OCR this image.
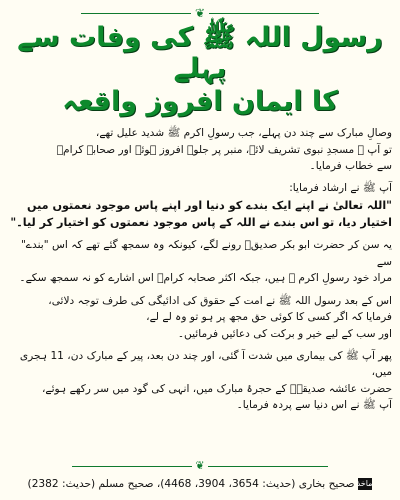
❦
رسول اللہ ﷺ کی وفات سے پہلے
کا ایمان افروز واقعہ

وصالِ مبارک سے چند دن پہلے، جب رسولِ اکرم ﷺ شدید علیل تھے،
تو آپ ﷺ مسجدِ نبوی تشریف لائے، منبر پر جلوہ افروز ہوئے اور صحابہ کرامؓ
سے خطاب فرمایا۔

آپ ﷺ نے ارشاد فرمایا:
"اللہ تعالیٰ نے اپنے ایک بندے کو دنیا اور اپنے پاس موجود نعمتوں میں
اختیار دیا، تو اس بندے نے اللہ کے پاس موجود نعمتوں کو اختیار کر لیا۔"

یہ سن کر حضرت ابو بکر صدیقؓ رونے لگے، کیونکہ وہ سمجھ گئے تھے کہ اس "بندے" سے
مراد خود رسولِ اکرم ﷺ ہیں، جبکہ اکثر صحابہ کرامؓ اس اشارے کو نہ سمجھ سکے۔

اس کے بعد رسول اللہ ﷺ نے امت کے حقوق کی ادائیگی کی طرف توجہ دلائی،
فرمایا کہ اگر کسی کا کوئی حق مجھ پر ہو تو وہ لے لے،
اور سب کے لیے خیر و برکت کی دعائیں فرمائیں۔

پھر آپ ﷺ کی بیماری میں شدت آ گئی، اور چند دن بعد، پیر کے مبارک دن، 11 ہجری میں،
حضرت عائشہ صدیقہؓ کے حجرۂ مبارک میں، انہی کی گود میں سر رکھے ہوئے،
آپ ﷺ نے اس دنیا سے پردہ فرمایا۔

❦
ماخذ
صحیح بخاری (حدیث: 3654، 3904، 4468)، صحیح مسلم (حدیث: 2382)
